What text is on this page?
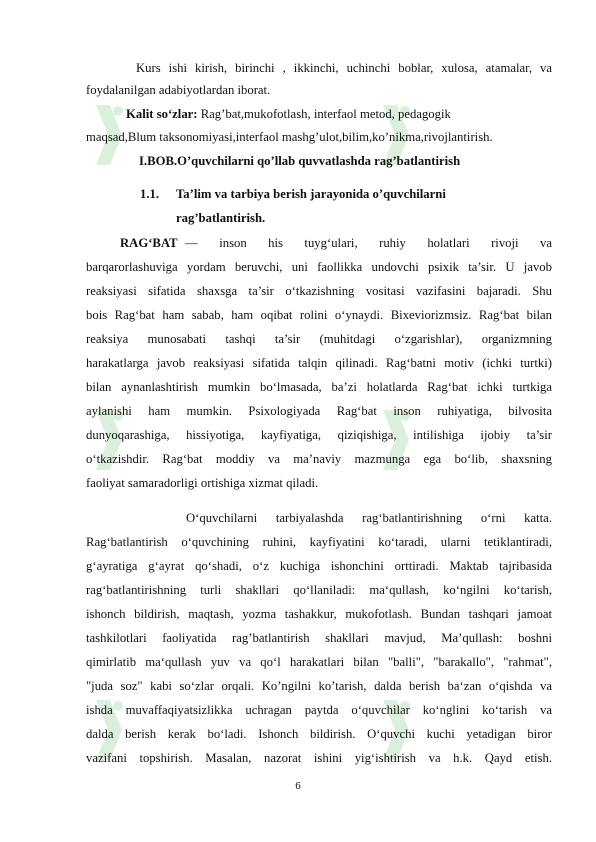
Kurs ishi kirish, birinchi , ikkinchi, uchinchi boblar, xulosa, atamalar, va
foydalanilgan adabiyotlardan iborat.
Kalit so‘zlar: Rag’bat,mukofotlash, interfaol metod, pedagogik
maqsad,Blum taksonomiyasi,interfaol mashg’ulot,bilim,ko’nikma,rivojlantirish.
I.BOB.O’quvchilarni qo’llab quvvatlashda rag’batlantirish
1.1. Ta’lim va tarbiya berish jarayonida o’quvchilarni
rag’batlantirish.
RAG‘BAT — inson his tuyg‘ulari, ruhiy holatlari rivoji va
barqarorlashuviga yordam beruvchi, uni faollikka undovchi psixik ta’sir. U javob
reaksiyasi sifatida shaxsga ta’sir o‘tkazishning vositasi vazifasini bajaradi. Shu
bois Rag‘bat ham sabab, ham oqibat rolini o‘ynaydi. Bixeviorizmsiz. Rag‘bat bilan
reaksiya munosabati tashqi ta’sir (muhitdagi o‘zgarishlar), organizmning
harakatlarga javob reaksiyasi sifatida talqin qilinadi. Rag‘batni motiv (ichki turtki)
bilan aynanlashtirish mumkin bo‘lmasada, ba’zi holatlarda Rag‘bat ichki turtkiga
aylanishi ham mumkin. Psixologiyada Rag‘bat inson ruhiyatiga, bilvosita
dunyoqarashiga, hissiyotiga, kayfiyatiga, qiziqishiga, intilishiga ijobiy ta’sir
o‘tkazishdir. Rag‘bat moddiy va ma’naviy mazmunga ega bo‘lib, shaxsning
faoliyat samaradorligi ortishiga xizmat qiladi.
O‘quvchilarni tarbiyalashda rag‘batlantirishning o‘rni katta.
Rag‘batlantirish o‘quvchining ruhini, kayfiyatini ko‘taradi, ularni tetiklantiradi,
g‘ayratiga g‘ayrat qo‘shadi, o‘z kuchiga ishonchini orttiradi. Maktab tajribasida
rag‘batlantirishning turli shakllari qo‘llaniladi: ma‘qullash, ko‘ngilni ko‘tarish,
ishonch bildirish, maqtash, yozma tashakkur, mukofotlash. Bundan tashqari jamoat
tashkilotlari faoliyatida rag’batlantirish shakllari mavjud, Ma’qullash: boshni
qimirlatib ma‘qullash yuv va qo‘l harakatlari bilan "balli", "barakallo", "rahmat",
"juda soz" kabi so‘zlar orqali. Ko’ngilni ko’tarish, dalda berish ba‘zan o‘qishda va
ishda muvaffaqiyatsizlikka uchragan paytda o‘quvchilar ko‘nglini ko‘tarish va
dalda berish kerak bo‘ladi. Ishonch bildirish. O‘quvchi kuchi yetadigan biror
vazifani topshirish. Masalan, nazorat ishini yig‘ishtirish va h.k. Qayd etish.
6
